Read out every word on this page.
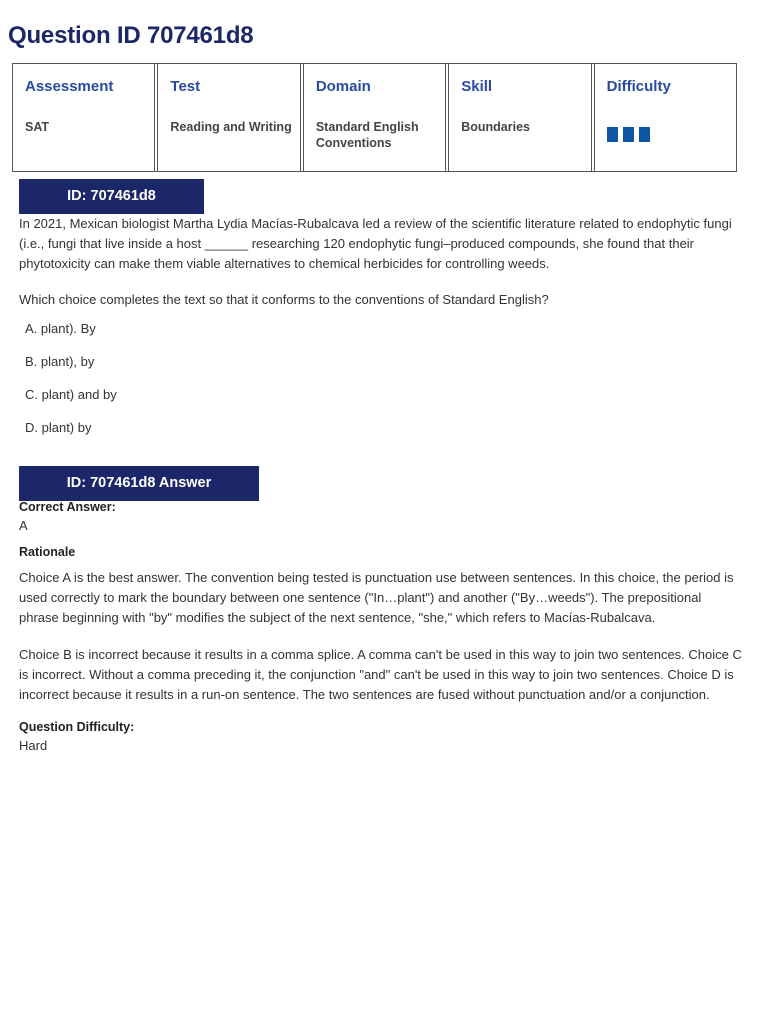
Question ID 707461d8
Assessment
SAT
Test
Reading and Writing
Domain
Standard English
Conventions
Skill
Boundaries
Difficulty
ID: 707461d8

In 2021, Mexican biologist Martha Lydia Macías-Rubalcava led a review of the scientific literature related to endophytic fungi (i.e., fungi that live inside a host ______ researching 120 endophytic fungi–produced compounds, she found that their phytotoxicity can make them viable alternatives to chemical herbicides for controlling weeds.

Which choice completes the text so that it conforms to the conventions of Standard English?

A. plant). By
B. plant), by
C. plant) and by
D. plant) by
ID: 707461d8 Answer
Correct Answer:
A
Rationale

Choice A is the best answer. The convention being tested is punctuation use between sentences. In this choice, the period is used correctly to mark the boundary between one sentence ("In…plant") and another ("By…weeds"). The prepositional phrase beginning with "by" modifies the subject of the next sentence, "she," which refers to Macías-Rubalcava.

Choice B is incorrect because it results in a comma splice. A comma can't be used in this way to join two sentences. Choice C is incorrect. Without a comma preceding it, the conjunction "and" can't be used in this way to join two sentences. Choice D is incorrect because it results in a run-on sentence. The two sentences are fused without punctuation and/or a conjunction.

Question Difficulty:
Hard
